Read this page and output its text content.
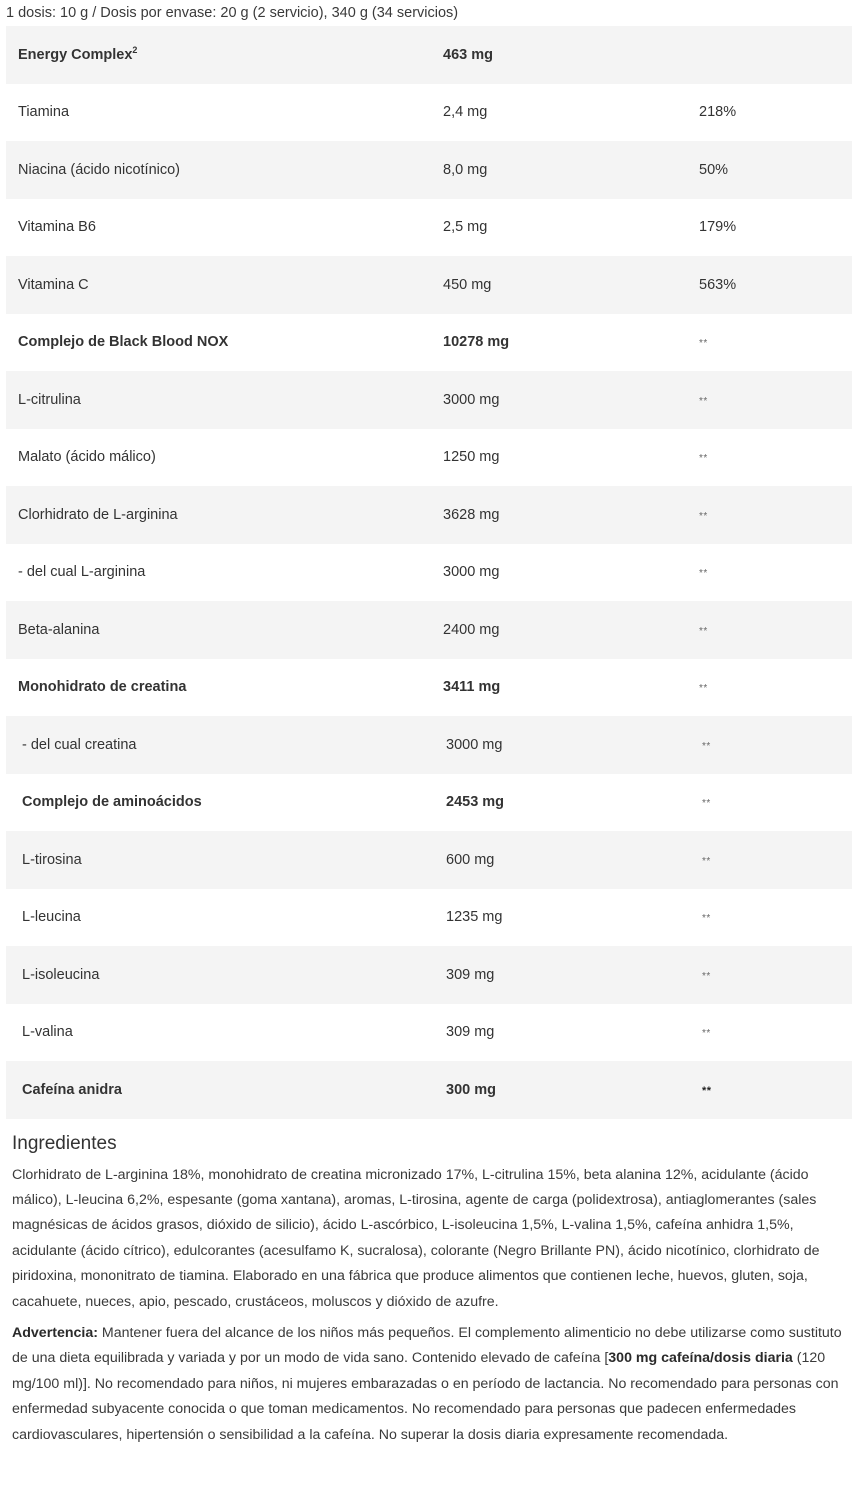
1 dosis: 10 g / Dosis por envase: 20 g (2 servicio), 340 g (34 servicios)
Energy Complex$^2$	463 mg
Tiamina	2,4 mg	218%
Niacina (ácido nicotínico)	8,0 mg	50%
Vitamina B6	2,5 mg	179%
Vitamina C	450 mg	563%
Complejo de Black Blood NOX	10278 mg	**
L-citrulina	3000 mg	**
Malato (ácido málico)	1250 mg	**
Clorhidrato de L-arginina	3628 mg	**
- del cual L-arginina	3000 mg	**
Beta-alanina	2400 mg	**
Monohidrato de creatina	3411 mg	**
- del cual creatina	3000 mg	**
Complejo de aminoácidos	2453 mg	**
L-tirosina	600 mg	**
L-leucina	1235 mg	**
L-isoleucina	309 mg	**
L-valina	309 mg	**
Cafeína anidra	300 mg	**
Ingredientes

Clorhidrato de L-arginina 18%, monohidrato de creatina micronizado 17%, L-citrulina 15%, beta alanina 12%, acidulante (ácido málico), L-leucina 6,2%, espesante (goma xantana), aromas, L-tirosina, agente de carga (polidextrosa), antiaglomerantes (sales magnésicas de ácidos grasos, dióxido de silicio), ácido L-ascórbico, L-isoleucina 1,5%, L-valina 1,5%, cafeína anhidra 1,5%, acidulante (ácido cítrico), edulcorantes (acesulfamo K, sucralosa), colorante (Negro Brillante PN), ácido nicotínico, clorhidrato de piridoxina, mononitrato de tiamina. Elaborado en una fábrica que produce alimentos que contienen leche, huevos, gluten, soja, cacahuete, nueces, apio, pescado, crustáceos, moluscos y dióxido de azufre.

Advertencia: Mantener fuera del alcance de los niños más pequeños. El complemento alimenticio no debe utilizarse como sustituto de una dieta equilibrada y variada y por un modo de vida sano. Contenido elevado de cafeína [300 mg cafeína/dosis diaria (120 mg/100 ml)]. No recomendado para niños, ni mujeres embarazadas o en período de lactancia. No recomendado para personas con enfermedad subyacente conocida o que toman medicamentos. No recomendado para personas que padecen enfermedades cardiovasculares, hipertensión o sensibilidad a la cafeína. No superar la dosis diaria expresamente recomendada.
